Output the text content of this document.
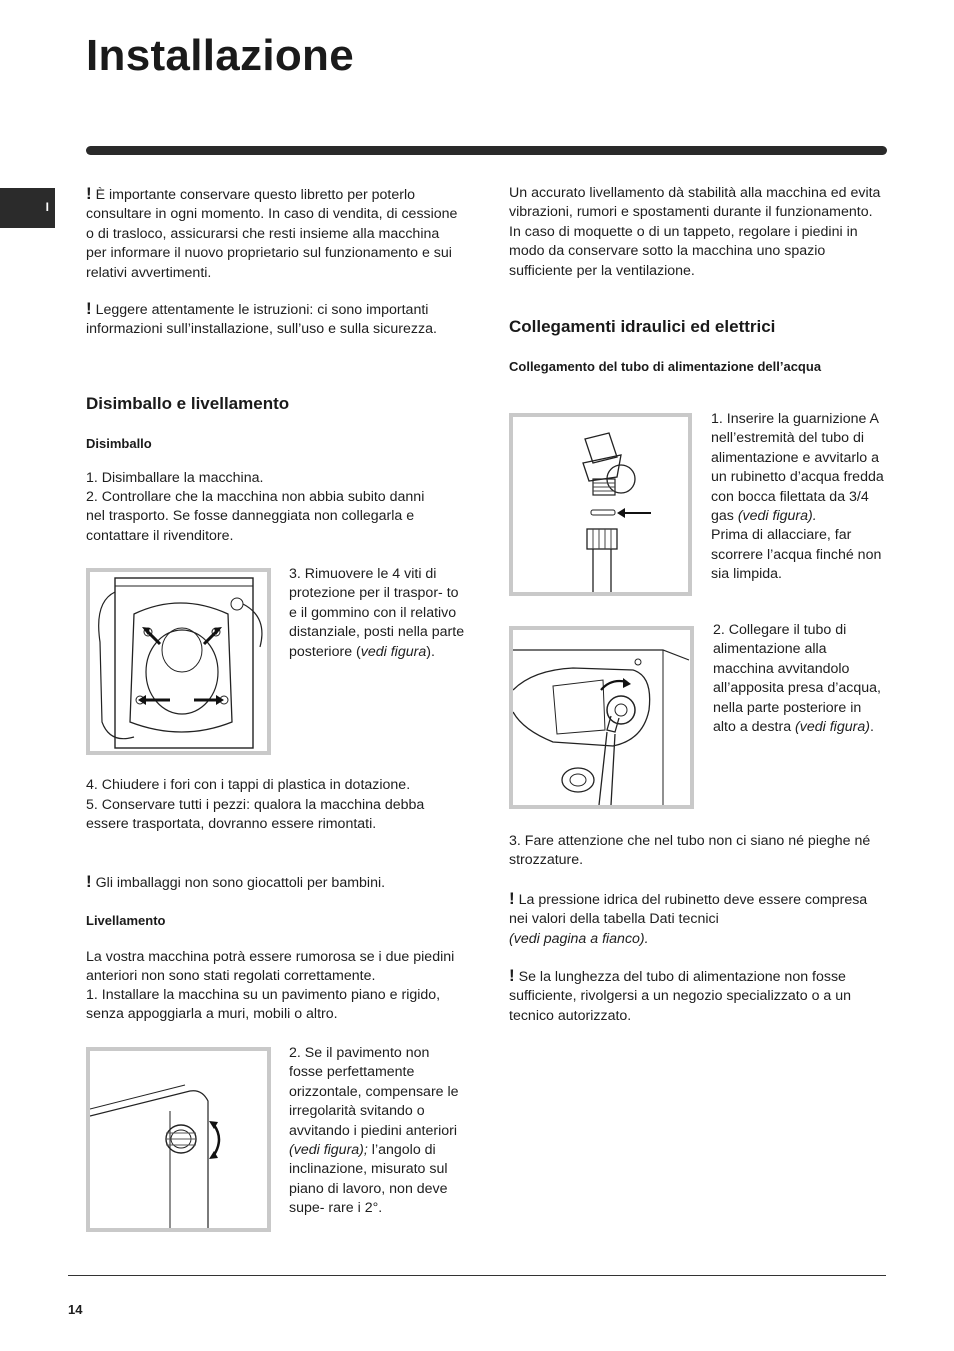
Installazione
I

! È importante conservare questo libretto per poterlo consultare in ogni momento. In caso di vendita, di cessione o di trasloco, assicurarsi che resti insieme alla macchina per informare il nuovo proprietario sul funzionamento e sui relativi avvertimenti.

! Leggere attentamente le istruzioni: ci sono importanti informazioni sull’installazione, sull’uso e sulla sicurezza.

Disimballo e livellamento
Disimballo

1. Disimballare la macchina.

2. Controllare che la macchina non abbia subito danni nel trasporto. Se fosse danneggiata non collegarla e contattare il rivenditore.

3. Rimuovere le 4 viti di protezione per il traspor- to e il gommino con il relativo distanziale, posti nella parte posteriore (vedi figura).

4. Chiudere i fori con i tappi di plastica in dotazione.

5. Conservare tutti i pezzi: qualora la macchina debba essere trasportata, dovranno essere rimontati.

! Gli imballaggi non sono giocattoli per bambini.

Livellamento

La vostra macchina potrà essere rumorosa se i due piedini anteriori non sono stati regolati correttamente.

1. Installare la macchina su un pavimento piano e rigido, senza appoggiarla a muri, mobili o altro.

2. Se il pavimento non fosse perfettamente orizzontale, compensare le irregolarità svitando o avvitando i piedini anteriori (vedi figura); l’angolo di inclinazione, misurato sul piano di lavoro, non deve supe- rare i 2°.

Un accurato livellamento dà stabilità alla macchina ed evita vibrazioni, rumori e spostamenti durante il funzionamento. In caso di moquette o di un tappeto, regolare i piedini in modo da conservare sotto la macchina uno spazio sufficiente per la ventilazione.

Collegamenti idraulici ed elettrici
Collegamento del tubo di alimentazione dell’acqua

1. Inserire la guarnizione A nell’estremità del tubo di alimentazione e avvitarlo a un rubinetto d’acqua fredda con bocca filettata da 3/4 gas (vedi figura).
Prima di allacciare, far scorrere l’acqua finché non sia limpida.

2. Collegare il tubo di alimentazione alla macchina avvitandolo all’apposita presa d’acqua, nella parte posteriore in alto a destra (vedi figura).

3. Fare attenzione che nel tubo non ci siano né pieghe né strozzature.

! La pressione idrica del rubinetto deve essere compresa nei valori della tabella Dati tecnici
(vedi pagina a fianco).

! Se la lunghezza del tubo di alimentazione non fosse sufficiente, rivolgersi a un negozio specializzato o a un tecnico autorizzato.

14
